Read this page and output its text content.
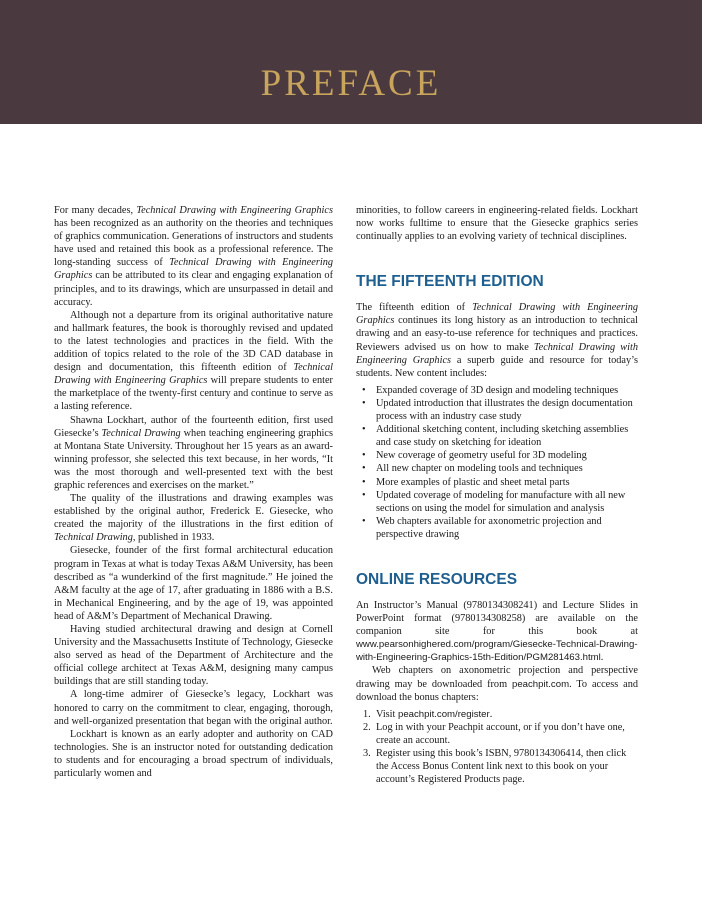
PREFACE

For many decades, Technical Drawing with Engineering Graphics has been recognized as an authority on the theories and techniques of graphics communication. Generations of instructors and students have used and retained this book as a professional reference. The long-standing success of Technical Drawing with Engineering Graphics can be attributed to its clear and engaging explanation of principles, and to its drawings, which are unsurpassed in detail and accuracy.

Although not a departure from its original authoritative nature and hallmark features, the book is thoroughly revised and updated to the latest technologies and practices in the field. With the addition of topics related to the role of the 3D CAD database in design and documentation, this fifteenth edition of Technical Drawing with Engineering Graphics will prepare students to enter the marketplace of the twenty-first century and continue to serve as a lasting reference.

Shawna Lockhart, author of the fourteenth edition, first used Giesecke’s Technical Drawing when teaching engineering graphics at Montana State University. Throughout her 15 years as an award-winning professor, she selected this text because, in her words, “It was the most thorough and well-presented text with the best graphic references and exercises on the market.”

The quality of the illustrations and drawing examples was established by the original author, Frederick E. Giesecke, who created the majority of the illustrations in the first edition of Technical Drawing, published in 1933.

Giesecke, founder of the first formal architectural education program in Texas at what is today Texas A&M University, has been described as “a wunderkind of the first magnitude.” He joined the A&M faculty at the age of 17, after graduating in 1886 with a B.S. in Mechanical Engineering, and by the age of 19, was appointed head of A&M’s Department of Mechanical Drawing.

Having studied architectural drawing and design at Cornell University and the Massachusetts Institute of Technology, Giesecke also served as head of the Department of Architecture and the official college architect at Texas A&M, designing many campus buildings that are still standing today.

A long-time admirer of Giesecke’s legacy, Lockhart was honored to carry on the commitment to clear, engaging, thorough, and well-organized presentation that began with the original author.

Lockhart is known as an early adopter and authority on CAD technologies. She is an instructor noted for outstanding dedication to students and for encouraging a broad spectrum of individuals, particularly women and

minorities, to follow careers in engineering-related fields. Lockhart now works fulltime to ensure that the Giesecke graphics series continually applies to an evolving variety of technical disciplines.

THE FIFTEENTH EDITION

The fifteenth edition of Technical Drawing with Engineering Graphics continues its long history as an introduction to technical drawing and an easy-to-use reference for techniques and practices. Reviewers advised us on how to make Technical Drawing with Engineering Graphics a superb guide and resource for today’s students. New content includes:

• Expanded coverage of 3D design and modeling techniques
• Updated introduction that illustrates the design documentation process with an industry case study
• Additional sketching content, including sketching assemblies and case study on sketching for ideation
• New coverage of geometry useful for 3D modeling
• All new chapter on modeling tools and techniques
• More examples of plastic and sheet metal parts
• Updated coverage of modeling for manufacture with all new sections on using the model for simulation and analysis
• Web chapters available for axonometric projection and perspective drawing
ONLINE RESOURCES

An Instructor’s Manual (9780134308241) and Lecture Slides in PowerPoint format (9780134308258) are available on the companion site for this book at www.pearsonhighered.com/program/Giesecke-Technical-Drawing-with-Engineering-Graphics-15th-Edition/PGM281463.html.

Web chapters on axonometric projection and perspective drawing may be downloaded from peachpit.com. To access and download the bonus chapters:

1. Visit peachpit.com/register.
2. Log in with your Peachpit account, or if you don’t have one, create an account.
3. Register using this book’s ISBN, 9780134306414, then click the Access Bonus Content link next to this book on your account’s Registered Products page.
